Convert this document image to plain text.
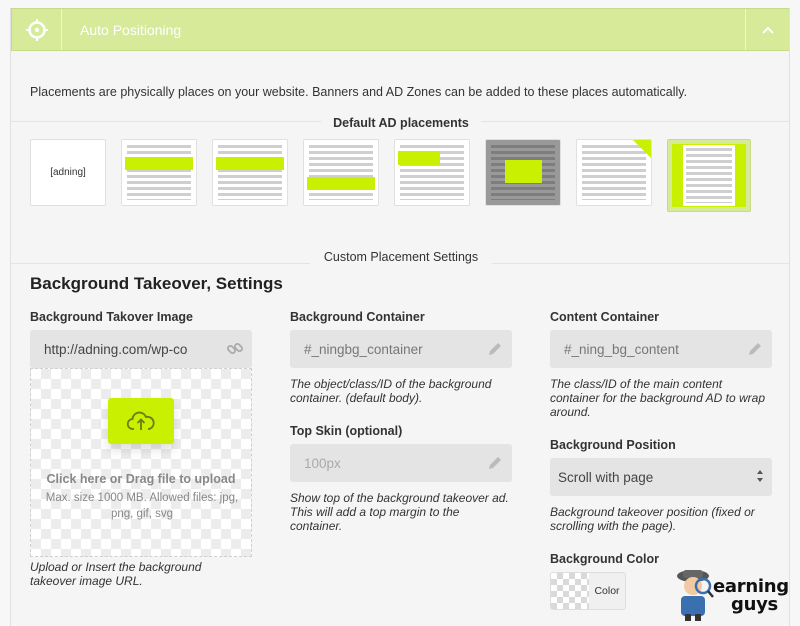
Auto Positioning
Placements are physically places on your website. Banners and AD Zones can be added to these places automatically.
Default AD placements
[adning]
Custom Placement Settings
Background Takeover, Settings
Background Takover Image
http://adning.com/wp-co
Click here or Drag file to upload
Max. size 1000 MB. Allowed files: jpg, png, gif, svg
Upload or Insert the background takeover image URL.
Background Container
#_ningbg_container
The object/class/ID of the background container. (default body).
Top Skin (optional)
100px
Show top of the background takeover ad. This will add a top margin to the container.
Content Container
#_ning_bg_content
The class/ID of the main content container for the background AD to wrap around.
Background Position
Scroll with page
Background takeover position (fixed or scrolling with the page).
Background Color
Color	earning
guys
